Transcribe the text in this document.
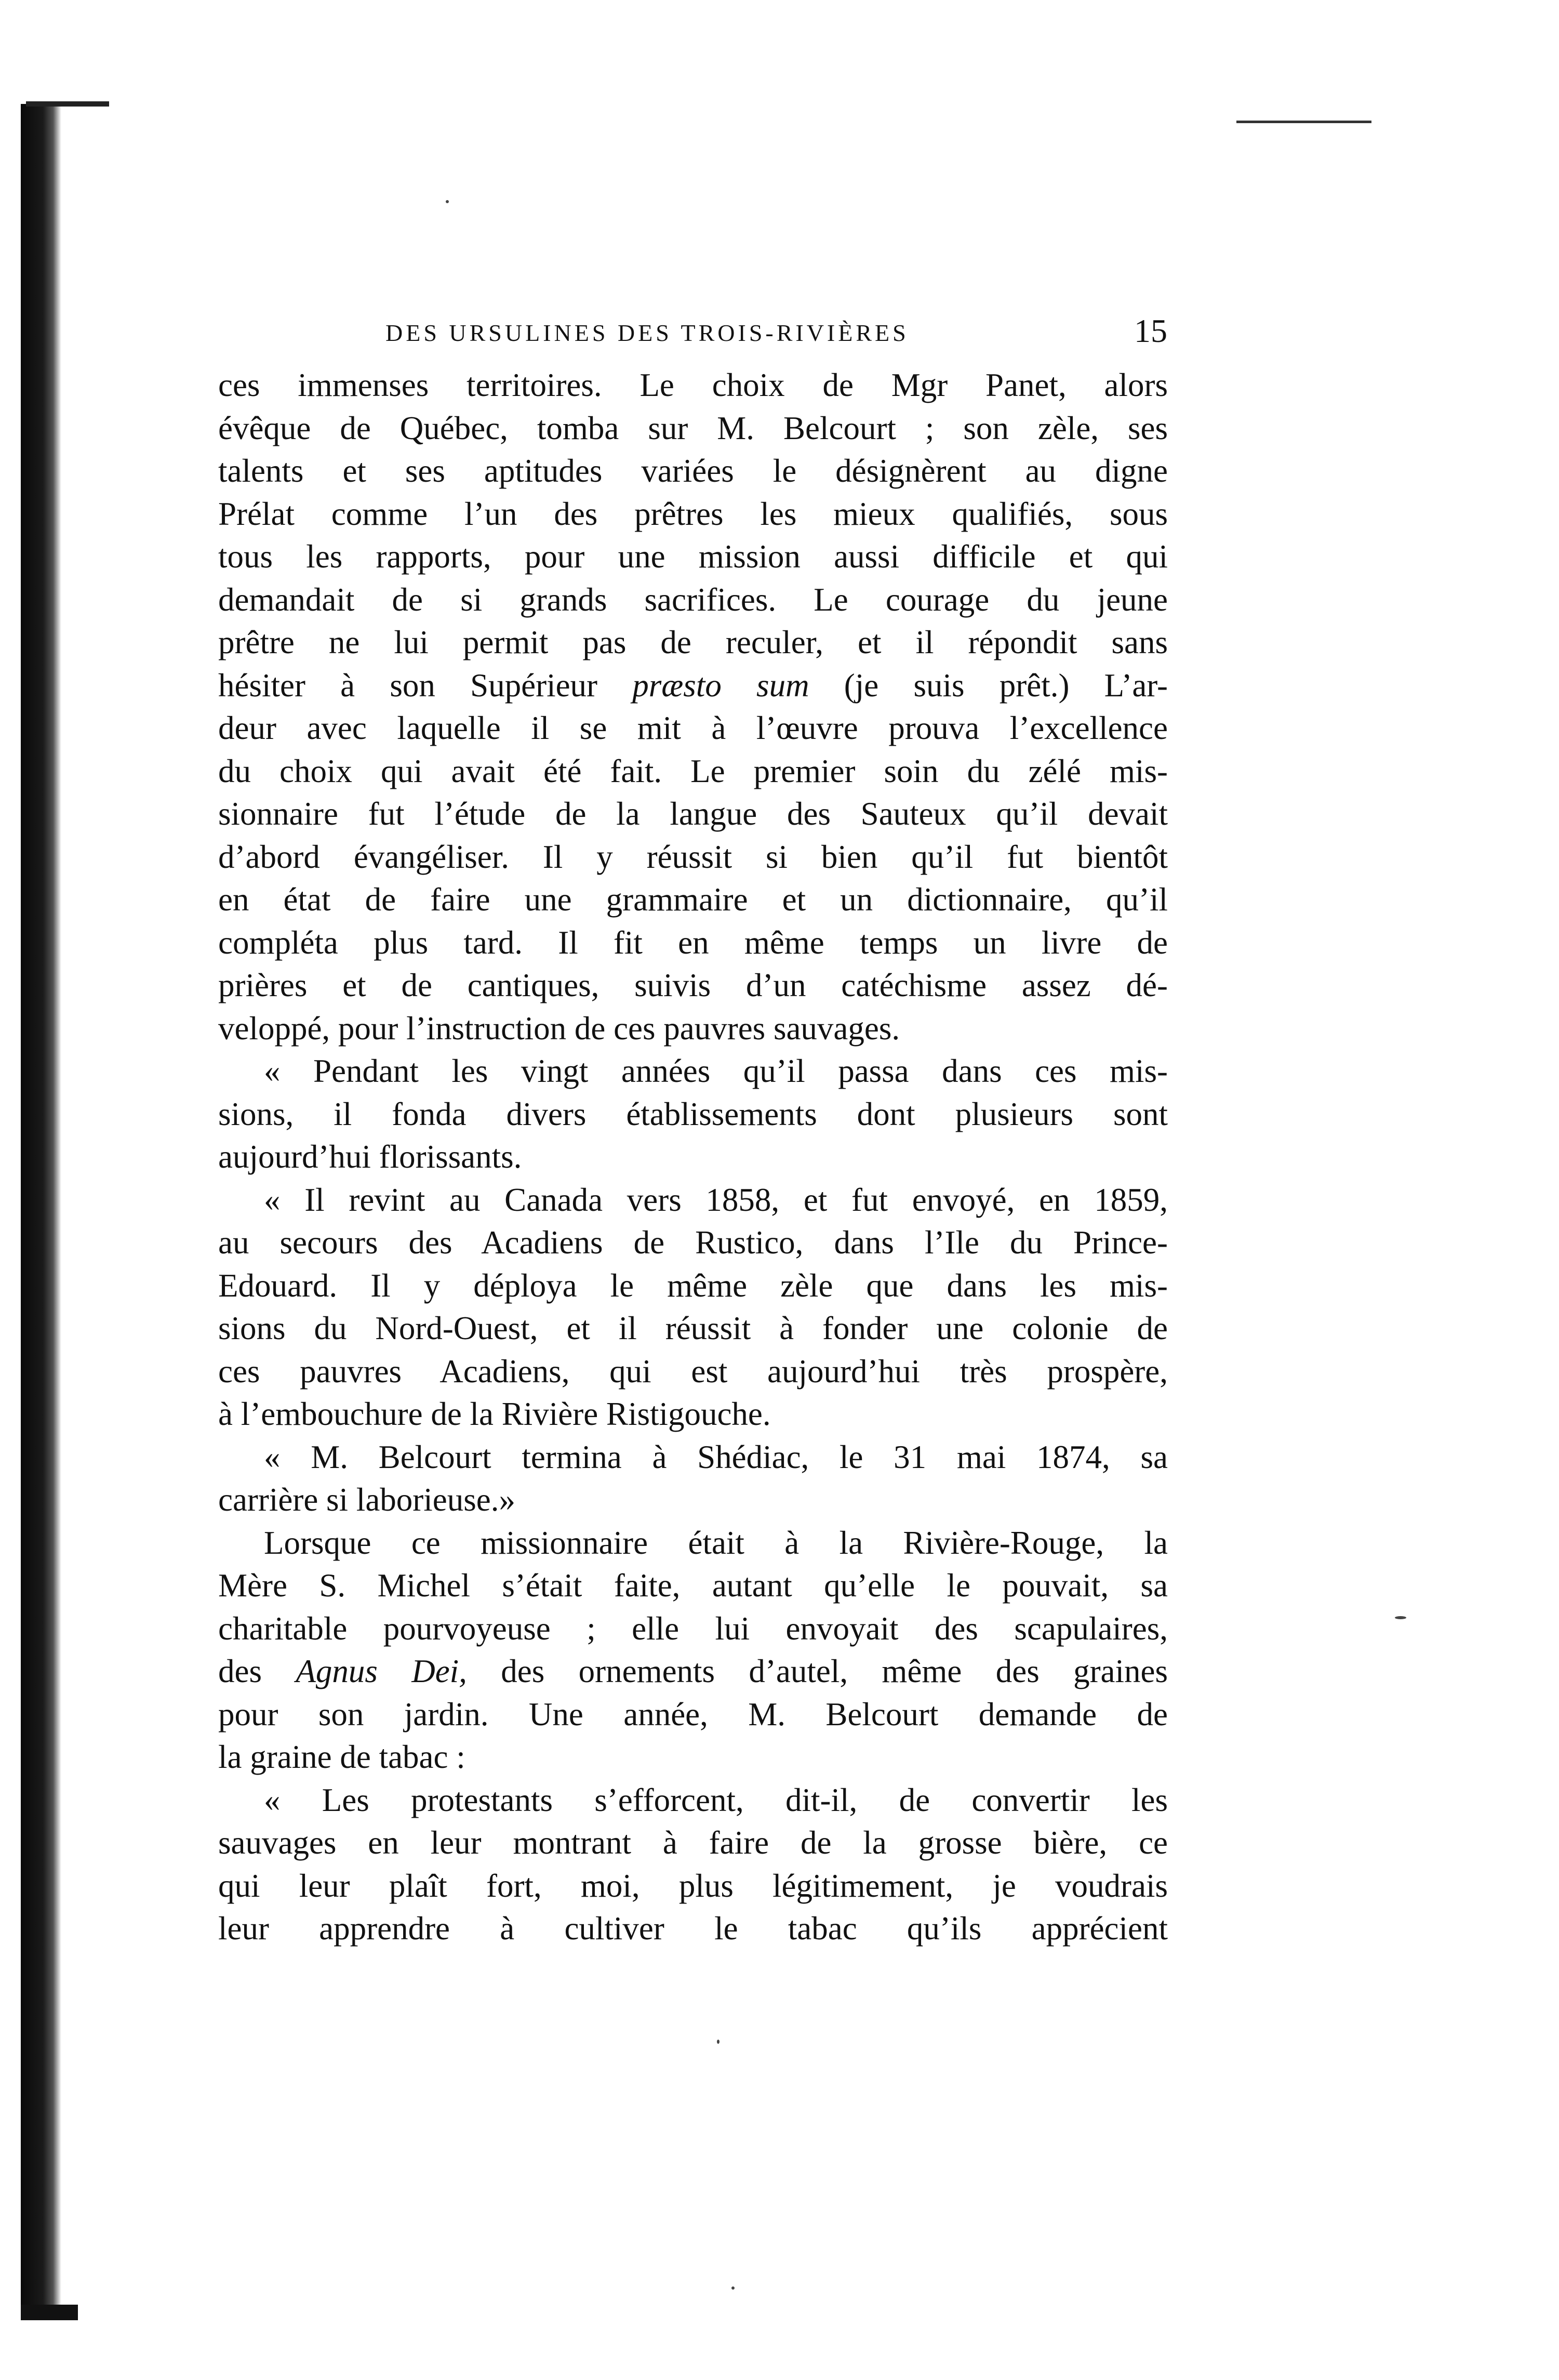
DES URSULINES DES TROIS-RIVIÈRES	15
ces immenses territoires. Le choix de Mgr Panet, alors
évêque de Québec, tomba sur M. Belcourt ; son zèle, ses
talents et ses aptitudes variées le désignèrent au digne
Prélat comme l’un des prêtres les mieux qualifiés, sous
tous les rapports, pour une mission aussi difficile et qui
demandait de si grands sacrifices. Le courage du jeune
prêtre ne lui permit pas de reculer, et il répondit sans
hésiter à son Supérieur præsto sum (je suis prêt.) L’ar-
deur avec laquelle il se mit à l’œuvre prouva l’excellence
du choix qui avait été fait. Le premier soin du zélé mis-
sionnaire fut l’étude de la langue des Sauteux qu’il devait
d’abord évangéliser. Il y réussit si bien qu’il fut bientôt
en état de faire une grammaire et un dictionnaire, qu’il
compléta plus tard. Il fit en même temps un livre de
prières et de cantiques, suivis d’un catéchisme assez dé-
veloppé, pour l’instruction de ces pauvres sauvages.
« Pendant les vingt années qu’il passa dans ces mis-
sions, il fonda divers établissements dont plusieurs sont
aujourd’hui florissants.
« Il revint au Canada vers 1858, et fut envoyé, en 1859,
au secours des Acadiens de Rustico, dans l’Ile du Prince-
Edouard. Il y déploya le même zèle que dans les mis-
sions du Nord-Ouest, et il réussit à fonder une colonie de
ces pauvres Acadiens, qui est aujourd’hui très prospère,
à l’embouchure de la Rivière Ristigouche.
« M. Belcourt termina à Shédiac, le 31 mai 1874, sa
carrière si laborieuse.»
Lorsque ce missionnaire était à la Rivière-Rouge, la
Mère S. Michel s’était faite, autant qu’elle le pouvait, sa
charitable pourvoyeuse ; elle lui envoyait des scapulaires,
des Agnus Dei, des ornements d’autel, même des graines
pour son jardin. Une année, M. Belcourt demande de
la graine de tabac :
« Les protestants s’efforcent, dit-il, de convertir les
sauvages en leur montrant à faire de la grosse bière, ce
qui leur plaît fort, moi, plus légitimement, je voudrais
leur apprendre à cultiver le tabac qu’ils apprécient
